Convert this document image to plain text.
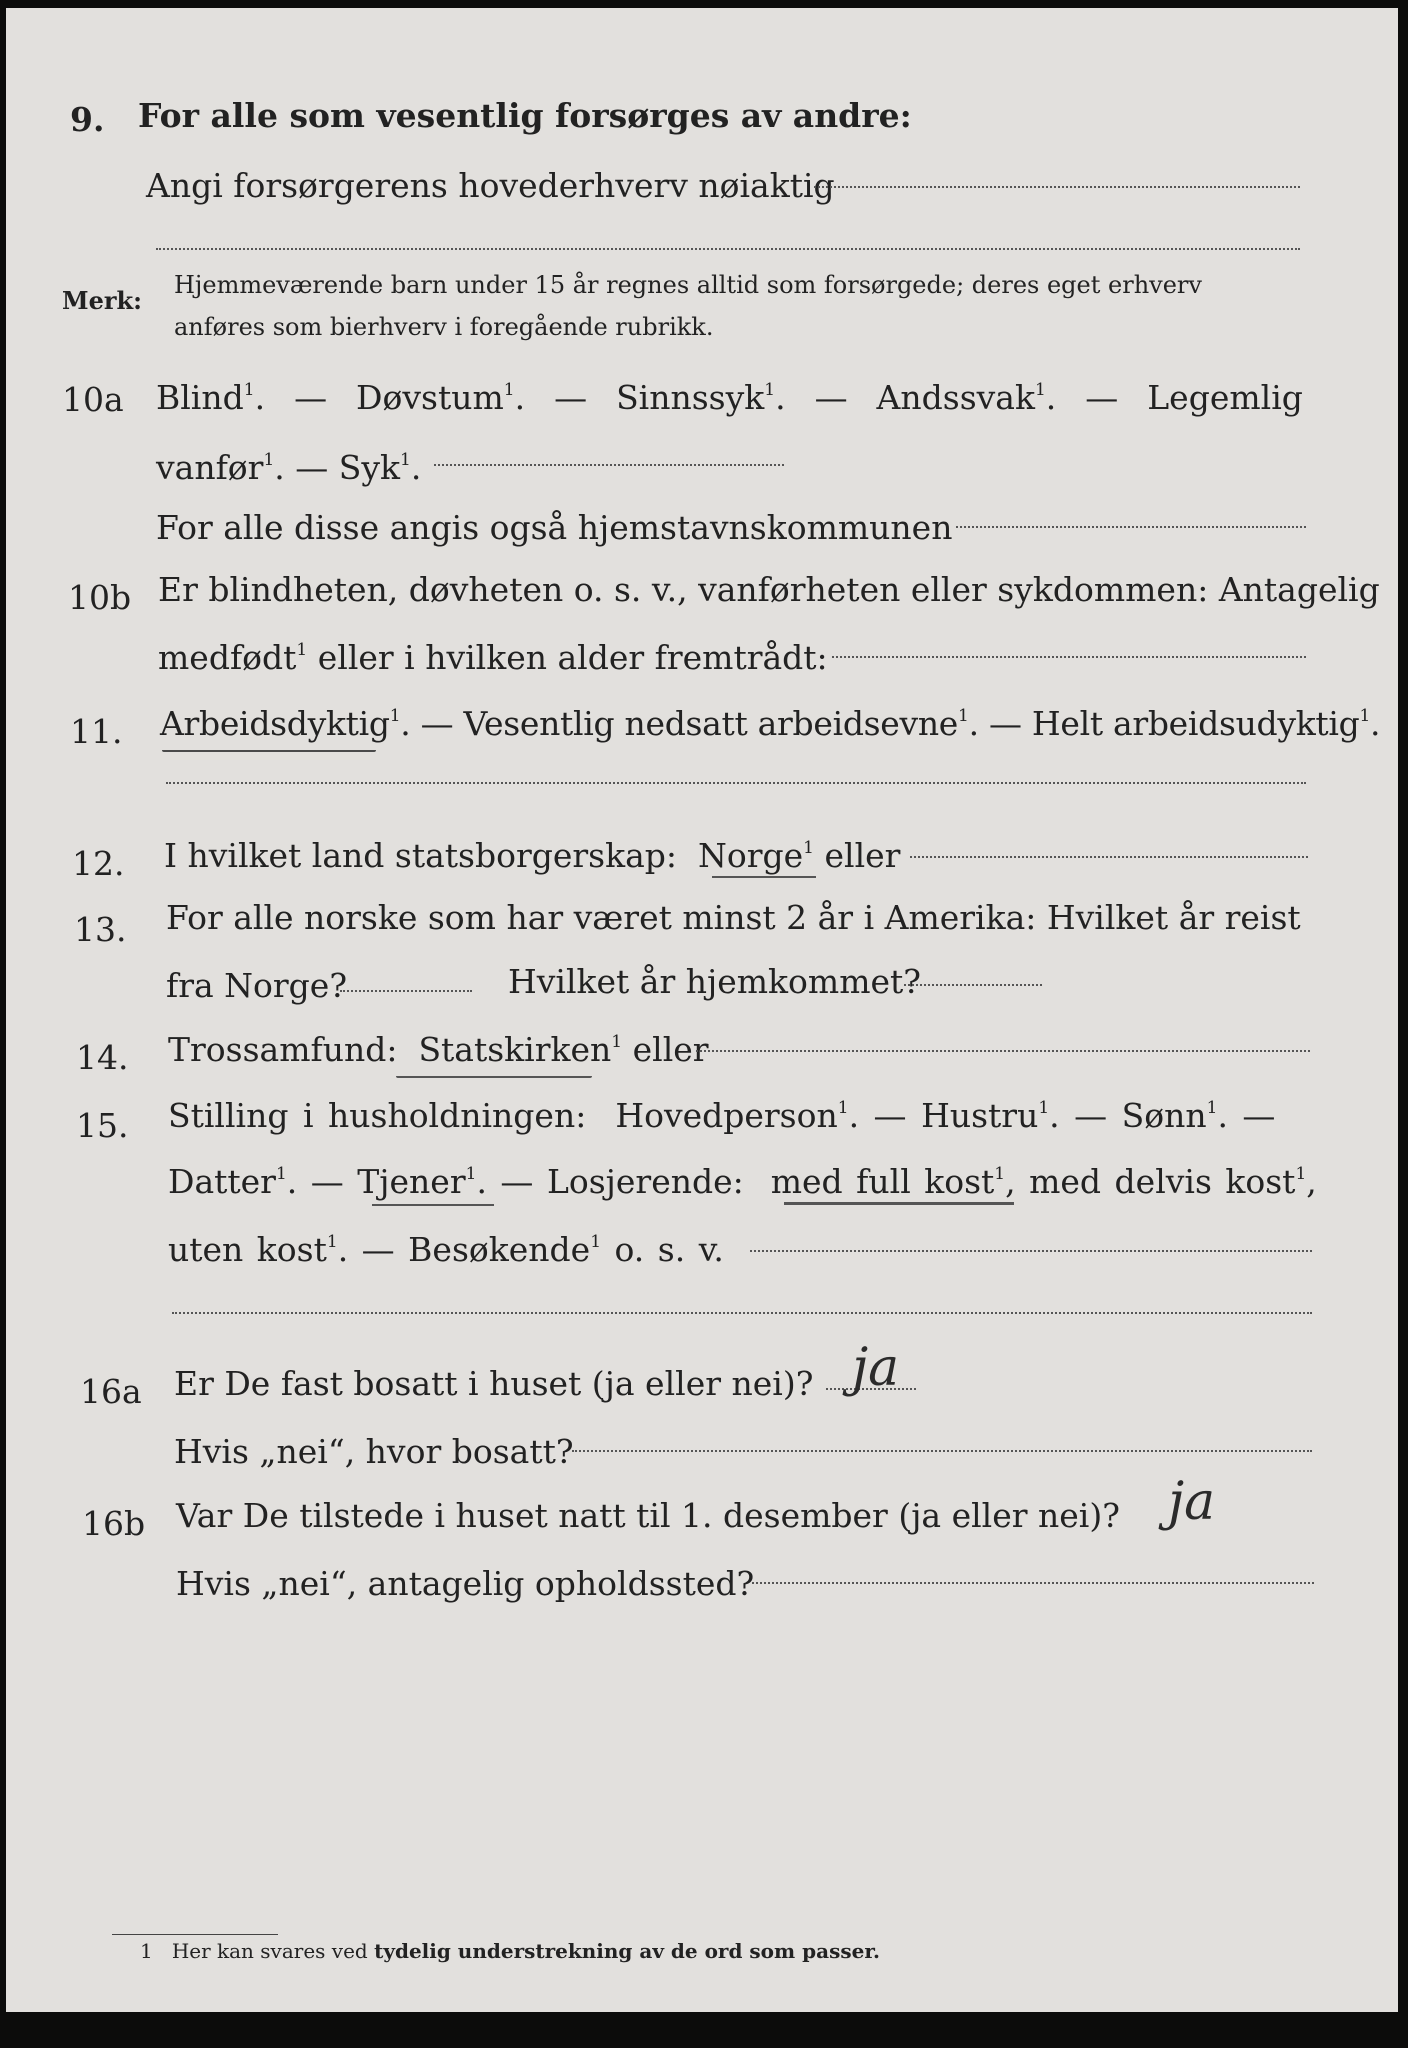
9. For alle som vesentlig forsørges av andre:
Angi forsørgerens hovederhverv nøiaktig
Merk:
Hjemmeværende barn under 15 år regnes alltid som forsørgede; deres eget erhverv
anføres som bierhverv i foregående rubrikk.
10a Blind$^1$.  — Døvstum$^1$.  — Sinnssyk$^1$.  — Andssvak$^1$.  — Legemlig
vanfør$^1$. — Syk$^1$.
For alle disse angis også hjemstavnskommunen
10b Er blindheten, døvheten o. s. v., vanførheten eller sykdommen: Antagelig
medfødt$^1$ eller i hvilken alder fremtrådt:
11. Arbeidsdyktig$^1$. — Vesentlig nedsatt arbeidsevne$^1$. — Helt arbeidsudyktig$^1$.
12. I hvilket land statsborgerskap: Norge$^1$ eller
13. For alle norske som har været minst 2 år i Amerika: Hvilket år reist
fra Norge?	Hvilket år hjemkommet?
14. Trossamfund: Statskirken$^1$ eller
15. Stilling i husholdningen: Hovedperson$^1$. — Hustru$^1$. — Sønn$^1$. —
Datter$^1$. — Tjener$^1$. — Losjerende: med full kost$^1$, med delvis kost$^1$,
uten kost$^1$. — Besøkende$^1$ o. s. v.
16a Er De fast bosatt i huset (ja eller nei)? ja
Hvis „nei“, hvor bosatt?
16b Var De tilstede i huset natt til 1. desember (ja eller nei)? ja
Hvis „nei“, antagelig opholdssted?
1 Her kan svares ved tydelig understrekning av de ord som passer.
